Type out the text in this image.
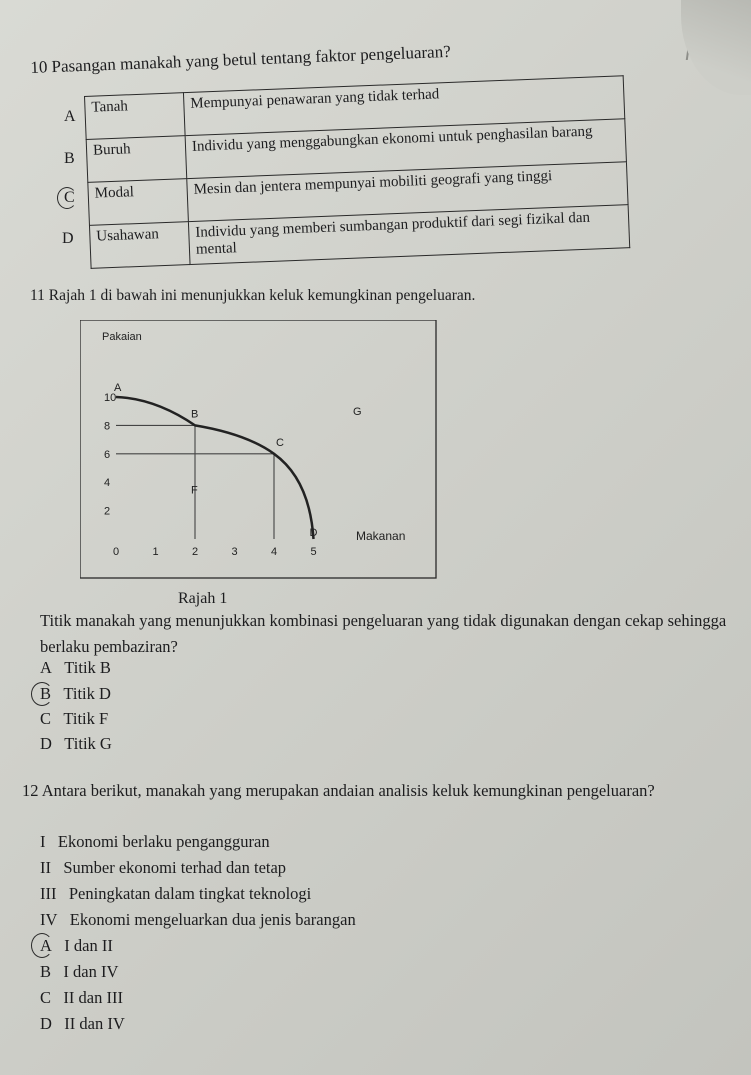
10 Pasangan manakah yang betul tentang faktor pengeluaran?
Tanah	Mempunyai penawaran yang tidak terhad
Buruh	Individu yang menggabungkan ekonomi untuk penghasilan barang
Modal	Mesin dan jentera mempunyai mobiliti geografi yang tinggi
Usahawan	Individu yang memberi sumbangan produktif dari segi fizikal dan mental
A
B
C
D
11 Rajah 1 di bawah ini menunjukkan keluk kemungkinan pengeluaran.
Pakaian
Makanan
2
4
6
8
10
0	1	2	3	4	5
A
B
C
D
F
G
Rajah 1
Titik manakah yang menunjukkan kombinasi pengeluaran yang tidak digunakan dengan cekap sehingga berlaku pembaziran?
A Titik B
B Titik D
C Titik F
D Titik G
12 Antara berikut, manakah yang merupakan andaian analisis keluk kemungkinan pengeluaran?
I Ekonomi berlaku pengangguran
II Sumber ekonomi terhad dan tetap
III Peningkatan dalam tingkat teknologi
IV Ekonomi mengeluarkan dua jenis barangan
A I dan II
B I dan IV
C II dan III
D II dan IV
